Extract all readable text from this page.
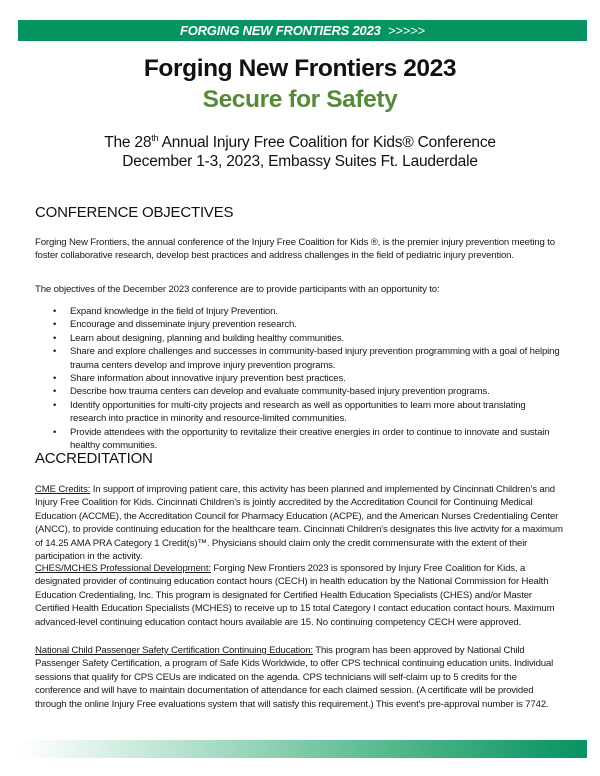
FORGING NEW FRONTIERS 2023 >>>>>
Forging New Frontiers 2023
Secure for Safety
The 28th Annual Injury Free Coalition for Kids® Conference
December 1-3, 2023, Embassy Suites Ft. Lauderdale
CONFERENCE OBJECTIVES

Forging New Frontiers, the annual conference of the Injury Free Coalition for Kids ®, is the premier injury prevention meeting to foster collaborative research, develop best practices and address challenges in the field of pediatric injury prevention.

The objectives of the December 2023 conference are to provide participants with an opportunity to:

• Expand knowledge in the field of Injury Prevention.
• Encourage and disseminate injury prevention research.
• Learn about designing, planning and building healthy communities.
• Share and explore challenges and successes in community-based injury prevention programming with a goal of helping trauma centers develop and improve injury prevention programs.
• Share information about innovative injury prevention best practices.
• Describe how trauma centers can develop and evaluate community-based injury prevention programs.
• Identify opportunities for multi-city projects and research as well as opportunities to learn more about translating research into practice in minority and resource-limited communities.
• Provide attendees with the opportunity to revitalize their creative energies in order to continue to innovate and sustain healthy communities.
ACCREDITATION

CME Credits: In support of improving patient care, this activity has been planned and implemented by Cincinnati Children's and Injury Free Coalition for Kids. Cincinnati Children's is jointly accredited by the Accreditation Council for Continuing Medical Education (ACCME), the Accreditation Council for Pharmacy Education (ACPE), and the American Nurses Credentialing Center (ANCC), to provide continuing education for the healthcare team. Cincinnati Children's designates this live activity for a maximum of 14.25 AMA PRA Category 1 Credit(s)™. Physicians should claim only the credit commensurate with the extent of their participation in the activity.

CHES/MCHES Professional Development: Forging New Frontiers 2023 is sponsored by Injury Free Coalition for Kids, a designated provider of continuing education contact hours (CECH) in health education by the National Commission for Health Education Credentialing, Inc. This program is designated for Certified Health Education Specialists (CHES) and/or Master Certified Health Education Specialists (MCHES) to receive up to 15 total Category I contact education contact hours. Maximum advanced-level continuing education contact hours available are 15. No continuing competency CECH were approved.

National Child Passenger Safety Certification Continuing Education: This program has been approved by National Child Passenger Safety Certification, a program of Safe Kids Worldwide, to offer CPS technical continuing education units. Individual sessions that qualify for CPS CEUs are indicated on the agenda. CPS technicians will self-claim up to 5 credits for the conference and will have to maintain documentation of attendance for each claimed session. (A certificate will be provided through the online Injury Free evaluations system that will satisfy this requirement.) This event's pre-approval number is 7742.
